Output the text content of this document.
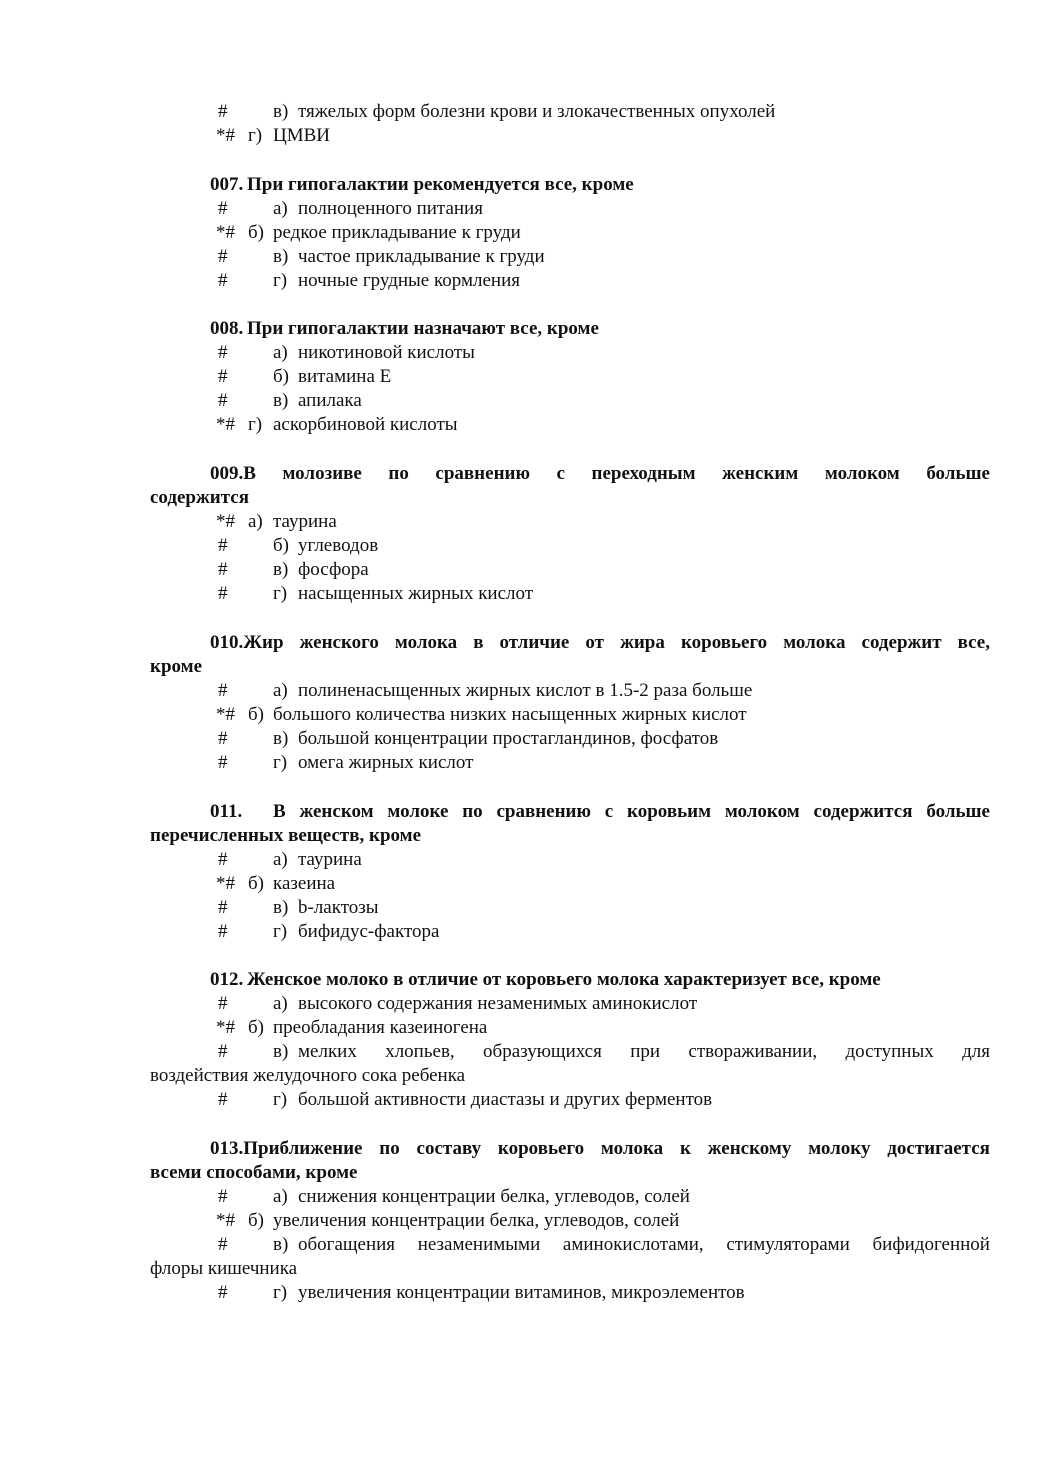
# в) тяжелых форм болезни крови и злокачественных опухолей
*# г) ЦМВИ
007. При гипогалактии рекомендуется все, кроме
# а) полноценного питания
*# б) редкое прикладывание к груди
# в) частое прикладывание к груди
# г) ночные грудные кормления
008. При гипогалактии назначают все, кроме
# а) никотиновой кислоты
# б) витамина Е
# в) апилака
*# г) аскорбиновой кислоты
009.В молозиве по сравнению с переходным женским молоком больше
содержится
*# а) таурина
# б) углеводов
# в) фосфора
# г) насыщенных жирных кислот
010.Жир женского молока в отличие от жира коровьего молока содержит все,
кроме
# а) полиненасыщенных жирных кислот в 1.5-2 раза больше
*# б) большого количества низких насыщенных жирных кислот
# в) большой концентрации простагландинов, фосфатов
# г) омега жирных кислот
011. В женском молоке по сравнению с коровьим молоком содержится больше
перечисленных веществ, кроме
# а) таурина
*# б) казеина
# в) b-лактозы
# г) бифидус-фактора
012. Женское молоко в отличие от коровьего молока характеризует все, кроме
# а) высокого содержания незаменимых аминокислот
*# б) преобладания казеиногена
# в) мелких хлопьев, образующихся при створаживании, доступных для
воздействия желудочного сока ребенка
# г) большой активности диастазы и других ферментов
013.Приближение по составу коровьего молока к женскому молоку достигается
всеми способами, кроме
# а) снижения концентрации белка, углеводов, солей
*# б) увеличения концентрации белка, углеводов, солей
# в) обогащения незаменимыми аминокислотами, стимуляторами бифидогенной
флоры кишечника
# г) увеличения концентрации витаминов, микроэлементов
